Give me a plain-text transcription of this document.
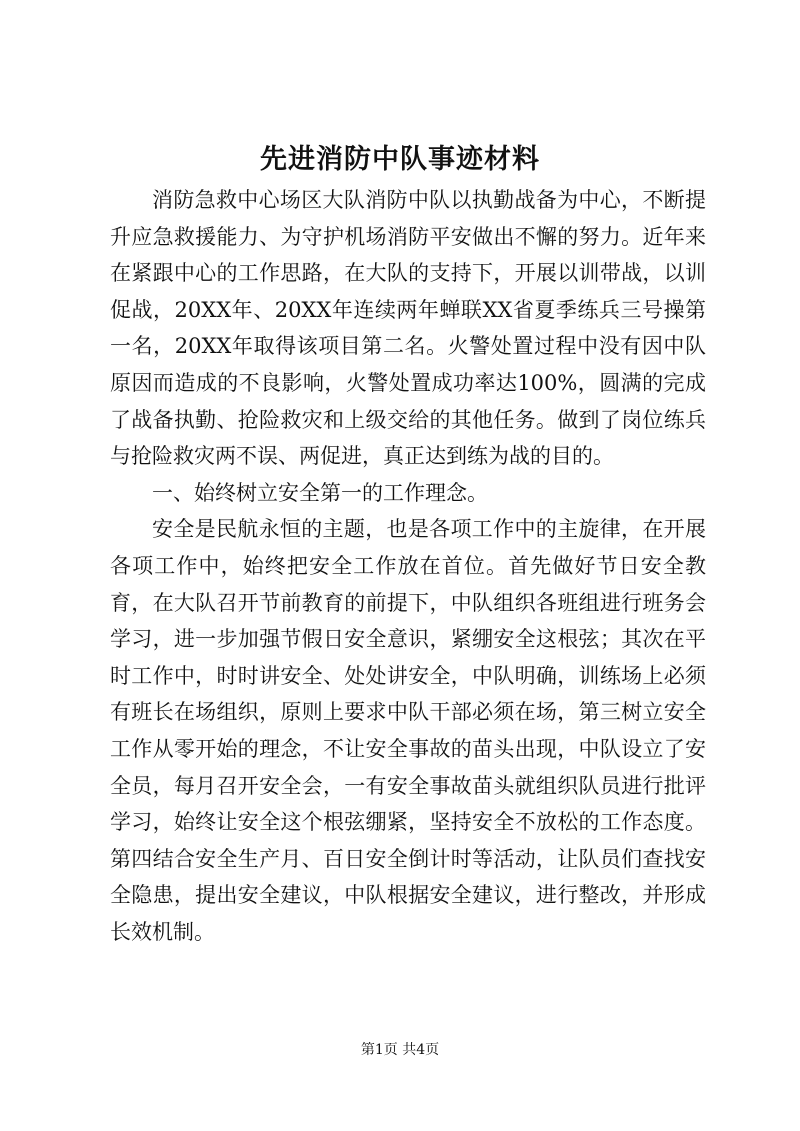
先进消防中队事迹材料

消防急救中心场区大队消防中队以执勤战备为中心，不断提升应急救援能力、为守护机场消防平安做出不懈的努力。近年来在紧跟中心的工作思路，在大队的支持下，开展以训带战，以训促战，20XX年、20XX年连续两年蝉联XX省夏季练兵三号操第一名，20XX年取得该项目第二名。火警处置过程中没有因中队原因而造成的不良影响，火警处置成功率达100%，圆满的完成了战备执勤、抢险救灾和上级交给的其他任务。做到了岗位练兵与抢险救灾两不误、两促进，真正达到练为战的目的。

一、始终树立安全第一的工作理念。

安全是民航永恒的主题，也是各项工作中的主旋律，在开展各项工作中，始终把安全工作放在首位。首先做好节日安全教育，在大队召开节前教育的前提下，中队组织各班组进行班务会学习，进一步加强节假日安全意识，紧绷安全这根弦；其次在平时工作中，时时讲安全、处处讲安全，中队明确，训练场上必须有班长在场组织，原则上要求中队干部必须在场，第三树立安全工作从零开始的理念，不让安全事故的苗头出现，中队设立了安全员，每月召开安全会，一有安全事故苗头就组织队员进行批评学习，始终让安全这个根弦绷紧，坚持安全不放松的工作态度。第四结合安全生产月、百日安全倒计时等活动，让队员们查找安全隐患，提出安全建议，中队根据安全建议，进行整改，并形成长效机制。

第1页 共4页
